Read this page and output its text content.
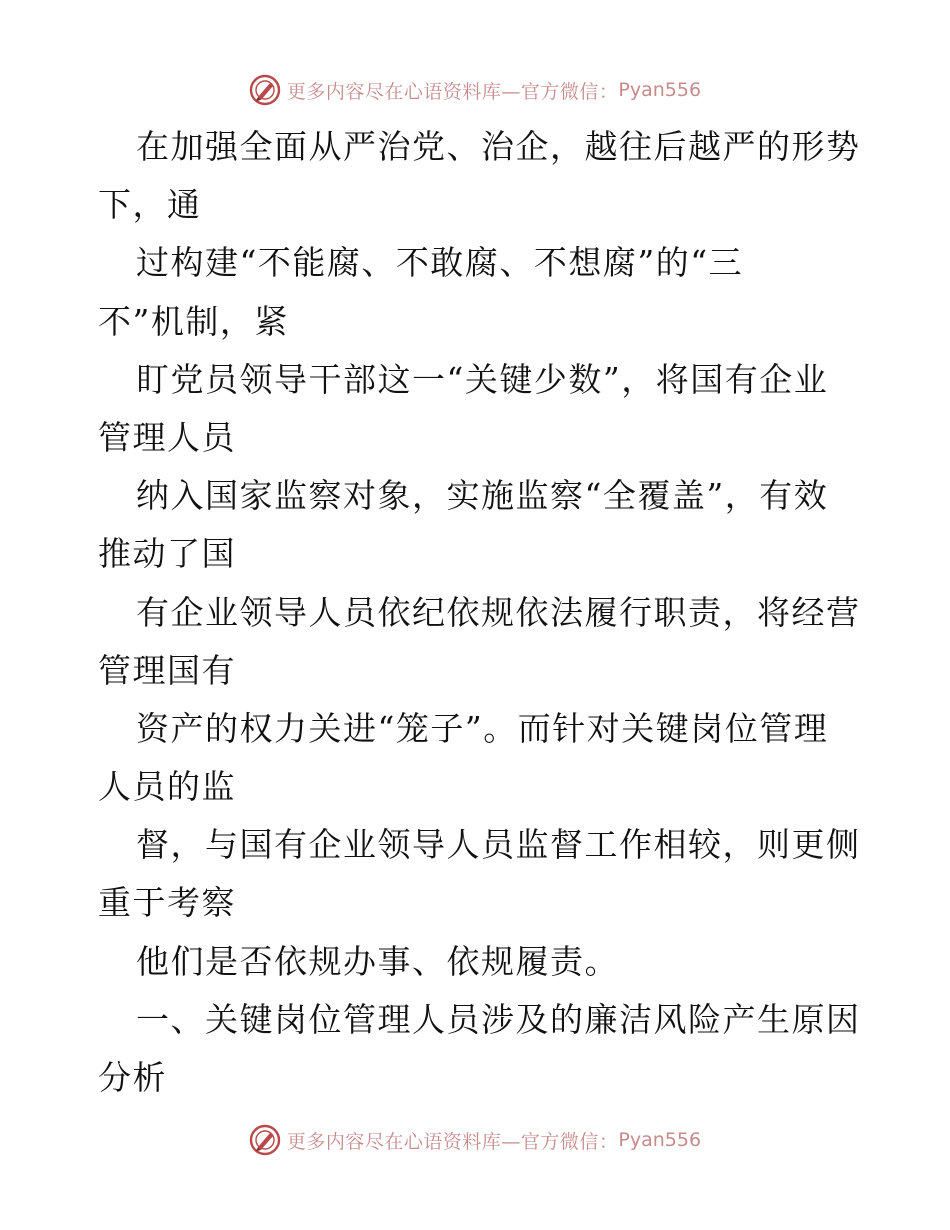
更多内容尽在心语资料库—官方微信： Pyan556
在加强全面从严治党、治企，越往后越严的形势
下，通
过构建“不能腐、不敢腐、不想腐”的“三
不”机制，紧
盯党员领导干部这一“关键少数”，将国有企业
管理人员
纳入国家监察对象，实施监察“全覆盖”，有效
推动了国
有企业领导人员依纪依规依法履行职责，将经营
管理国有
资产的权力关进“笼子”。而针对关键岗位管理
人员的监
督，与国有企业领导人员监督工作相较，则更侧
重于考察
他们是否依规办事、依规履责。
一、关键岗位管理人员涉及的廉洁风险产生原因
分析
更多内容尽在心语资料库—官方微信： Pyan556
